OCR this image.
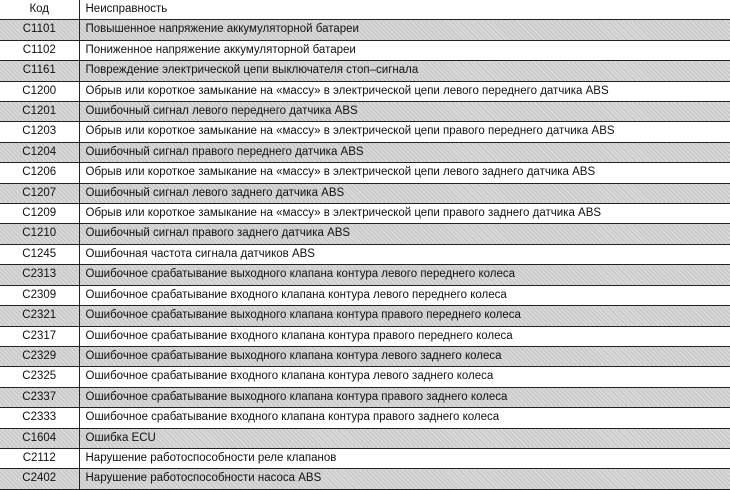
Код	Неисправность
C1101	Повышенное напряжение аккумуляторной батареи
C1102	Пониженное напряжение аккумуляторной батареи
C1161	Повреждение электрической цепи выключателя стоп–сигнала
C1200	Обрыв или короткое замыкание на «массу» в электрической цепи левого переднего датчика ABS
C1201	Ошибочный сигнал левого переднего датчика ABS
C1203	Обрыв или короткое замыкание на «массу» в электрической цепи правого переднего датчика ABS
C1204	Ошибочный сигнал правого переднего датчика ABS
C1206	Обрыв или короткое замыкание на «массу» в электрической цепи левого заднего датчика ABS
C1207	Ошибочный сигнал левого заднего датчика ABS
C1209	Обрыв или короткое замыкание на «массу» в электрической цепи правого заднего датчика ABS
C1210	Ошибочный сигнал правого заднего датчика ABS
C1245	Ошибочная частота сигнала датчиков ABS
C2313	Ошибочное срабатывание выходного клапана контура левого переднего колеса
C2309	Ошибочное срабатывание входного клапана контура левого переднего колеса
C2321	Ошибочное срабатывание выходного клапана контура правого переднего колеса
C2317	Ошибочное срабатывание входного клапана контура правого переднего колеса
C2329	Ошибочное срабатывание выходного клапана контура левого заднего колеса
C2325	Ошибочное срабатывание входного клапана контура левого заднего колеса
C2337	Ошибочное срабатывание выходного клапана контура правого заднего колеса
C2333	Ошибочное срабатывание входного клапана контура правого заднего колеса
C1604	Ошибка ECU
C2112	Нарушение работоспособности реле клапанов
C2402	Нарушение работоспособности насоса ABS
